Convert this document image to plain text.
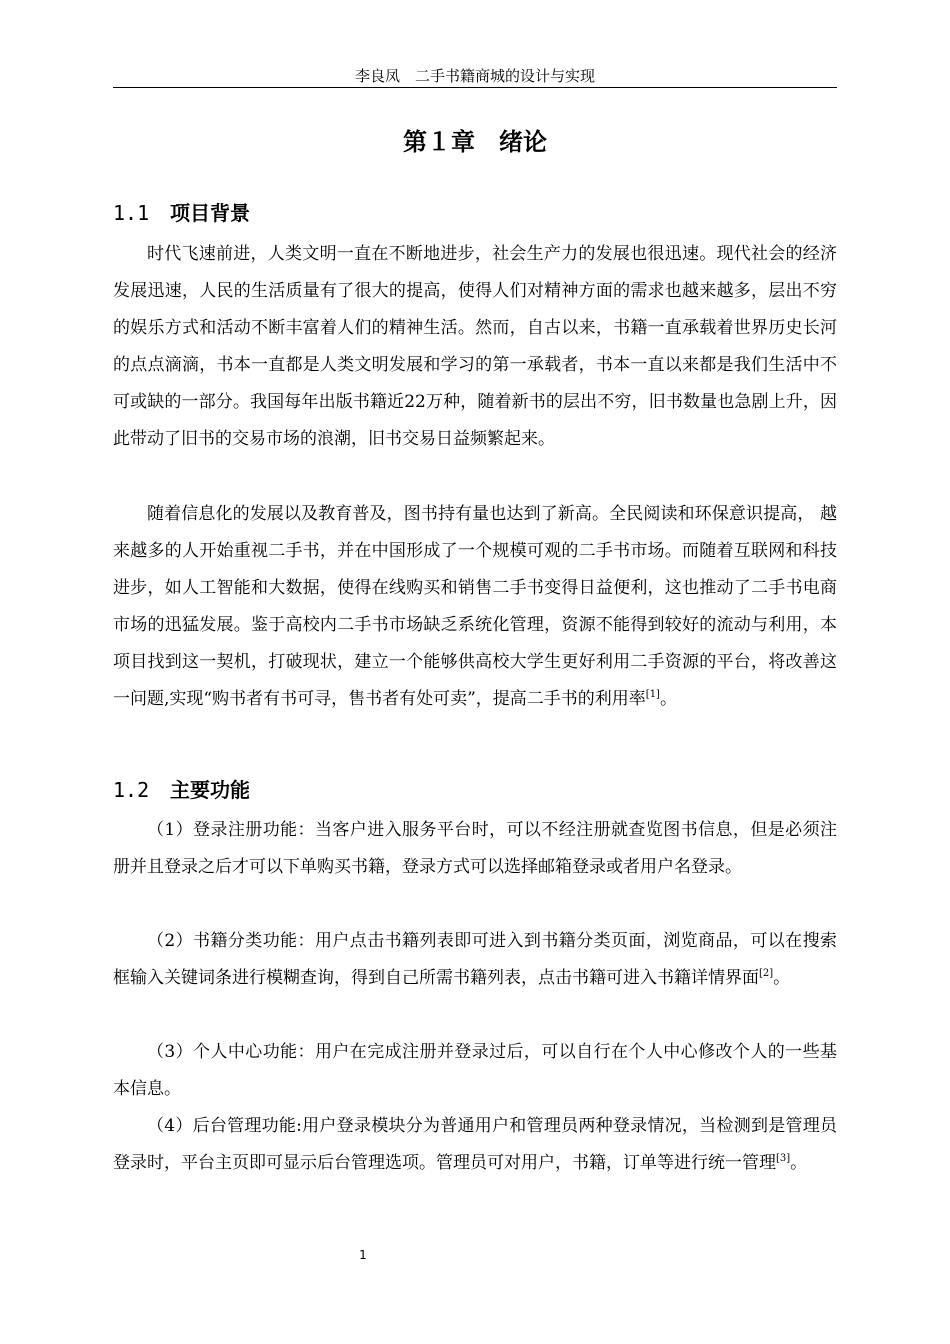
李良凤　二手书籍商城的设计与实现
第１章　绪论
1.1 项目背景

时代飞速前进，人类文明一直在不断地进步，社会生产力的发展也很迅速。现代社会的经济发展迅速，人民的生活质量有了很大的提高，使得人们对精神方面的需求也越来越多，层出不穷的娱乐方式和活动不断丰富着人们的精神生活。然而，自古以来，书籍一直承载着世界历史长河的点点滴滴，书本一直都是人类文明发展和学习的第一承载者，书本一直以来都是我们生活中不可或缺的一部分。我国每年出版书籍近22万种，随着新书的层出不穷，旧书数量也急剧上升，因此带动了旧书的交易市场的浪潮，旧书交易日益频繁起来。

随着信息化的发展以及教育普及，图书持有量也达到了新高。全民阅读和环保意识提高， 越来越多的人开始重视二手书，并在中国形成了一个规模可观的二手书市场。而随着互联网和科技进步，如人工智能和大数据，使得在线购买和销售二手书变得日益便利，这也推动了二手书电商市场的迅猛发展。鉴于高校内二手书市场缺乏系统化管理，资源不能得到较好的流动与利用，本项目找到这一契机，打破现状，建立一个能够供高校大学生更好利用二手资源的平台，将改善这一问题,实现“购书者有书可寻，售书者有处可卖”，提高二手书的利用率[1]。

1.2 主要功能

（1）登录注册功能：当客户进入服务平台时，可以不经注册就查览图书信息，但是必须注册并且登录之后才可以下单购买书籍，登录方式可以选择邮箱登录或者用户名登录。

（2）书籍分类功能：用户点击书籍列表即可进入到书籍分类页面，浏览商品，可以在搜索框输入关键词条进行模糊查询，得到自己所需书籍列表，点击书籍可进入书籍详情界面[2]。

（3）个人中心功能：用户在完成注册并登录过后，可以自行在个人中心修改个人的一些基本信息。

（4）后台管理功能:用户登录模块分为普通用户和管理员两种登录情况，当检测到是管理员登录时，平台主页即可显示后台管理选项。管理员可对用户，书籍，订单等进行统一管理[3]。

1
